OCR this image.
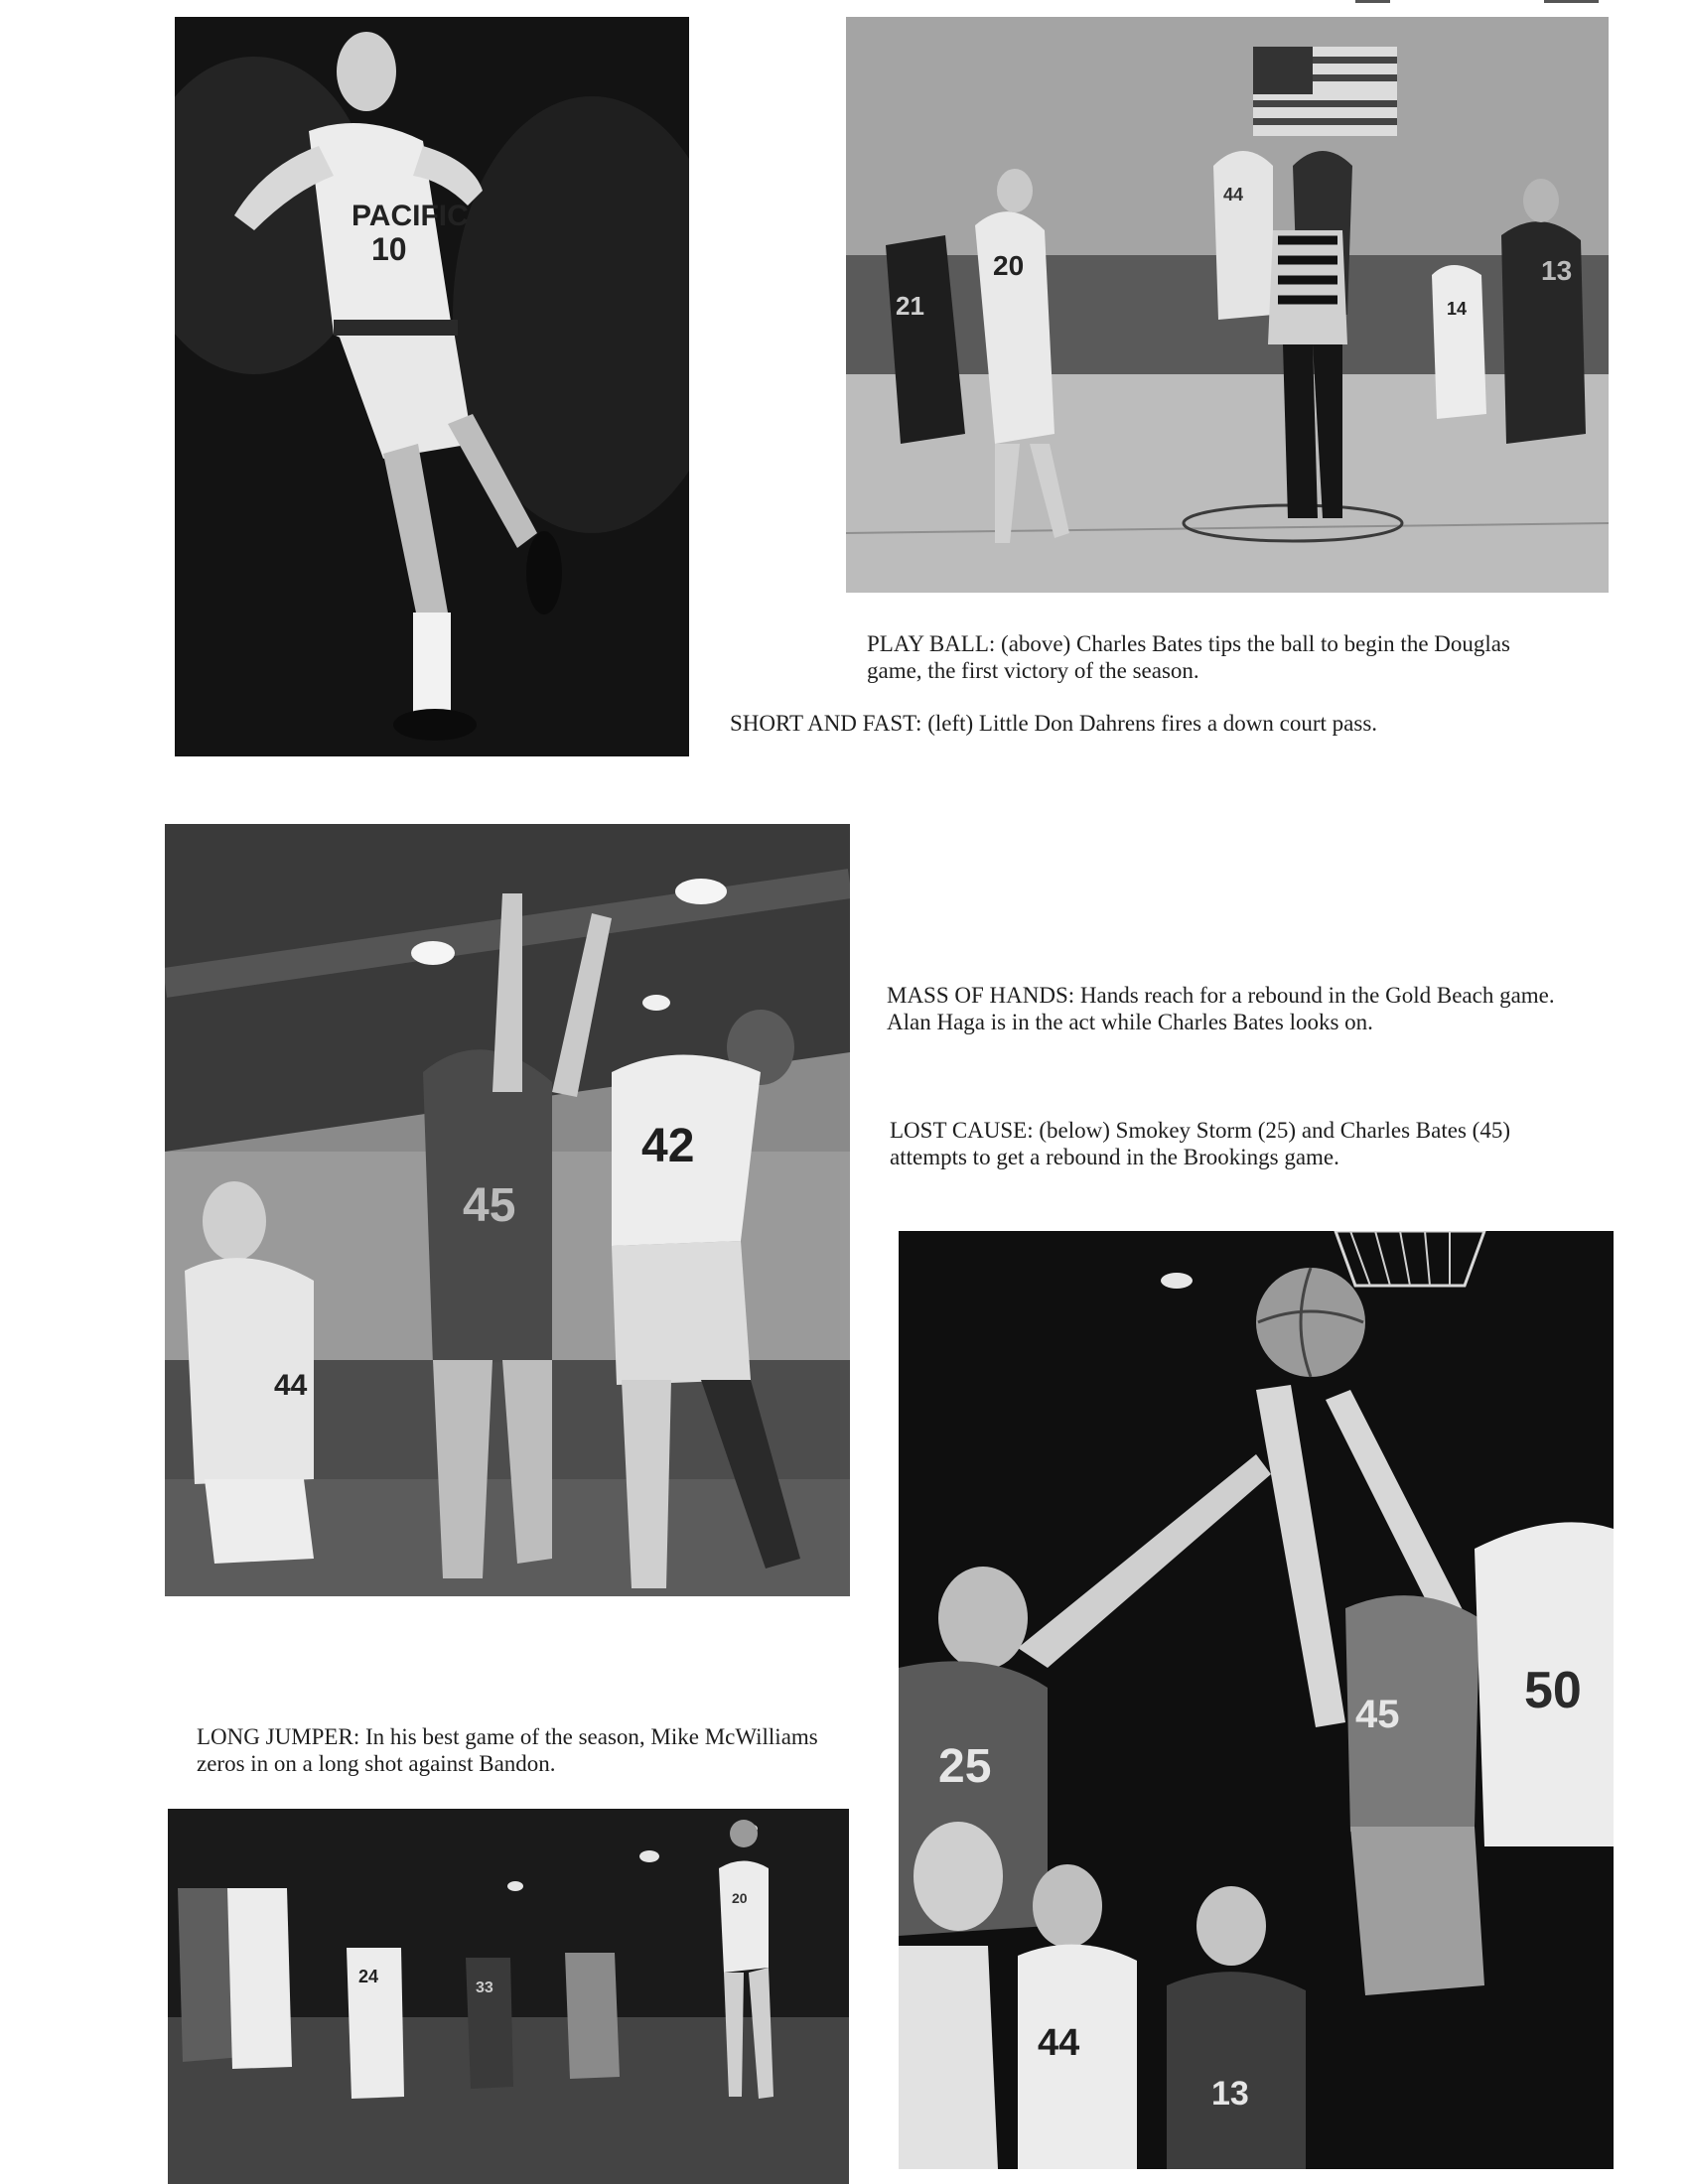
PACIFIC
10
21
20
44
14
13

PLAY BALL: (above) Charles Bates tips the ball to begin the Douglas game, the first victory of the season.

SHORT AND FAST: (left) Little Don Dahrens fires a down court pass.

42
45
44

MASS OF HANDS: Hands reach for a rebound in the Gold Beach game. Alan Haga is in the act while Charles Bates looks on.

LOST CAUSE: (below) Smokey Storm (25) and Charles Bates (45) attempts to get a rebound in the Brookings game.

25
45 50
44
13

LONG JUMPER: In his best game of the season, Mike McWilliams zeros in on a long shot against Bandon.

24
33
20
